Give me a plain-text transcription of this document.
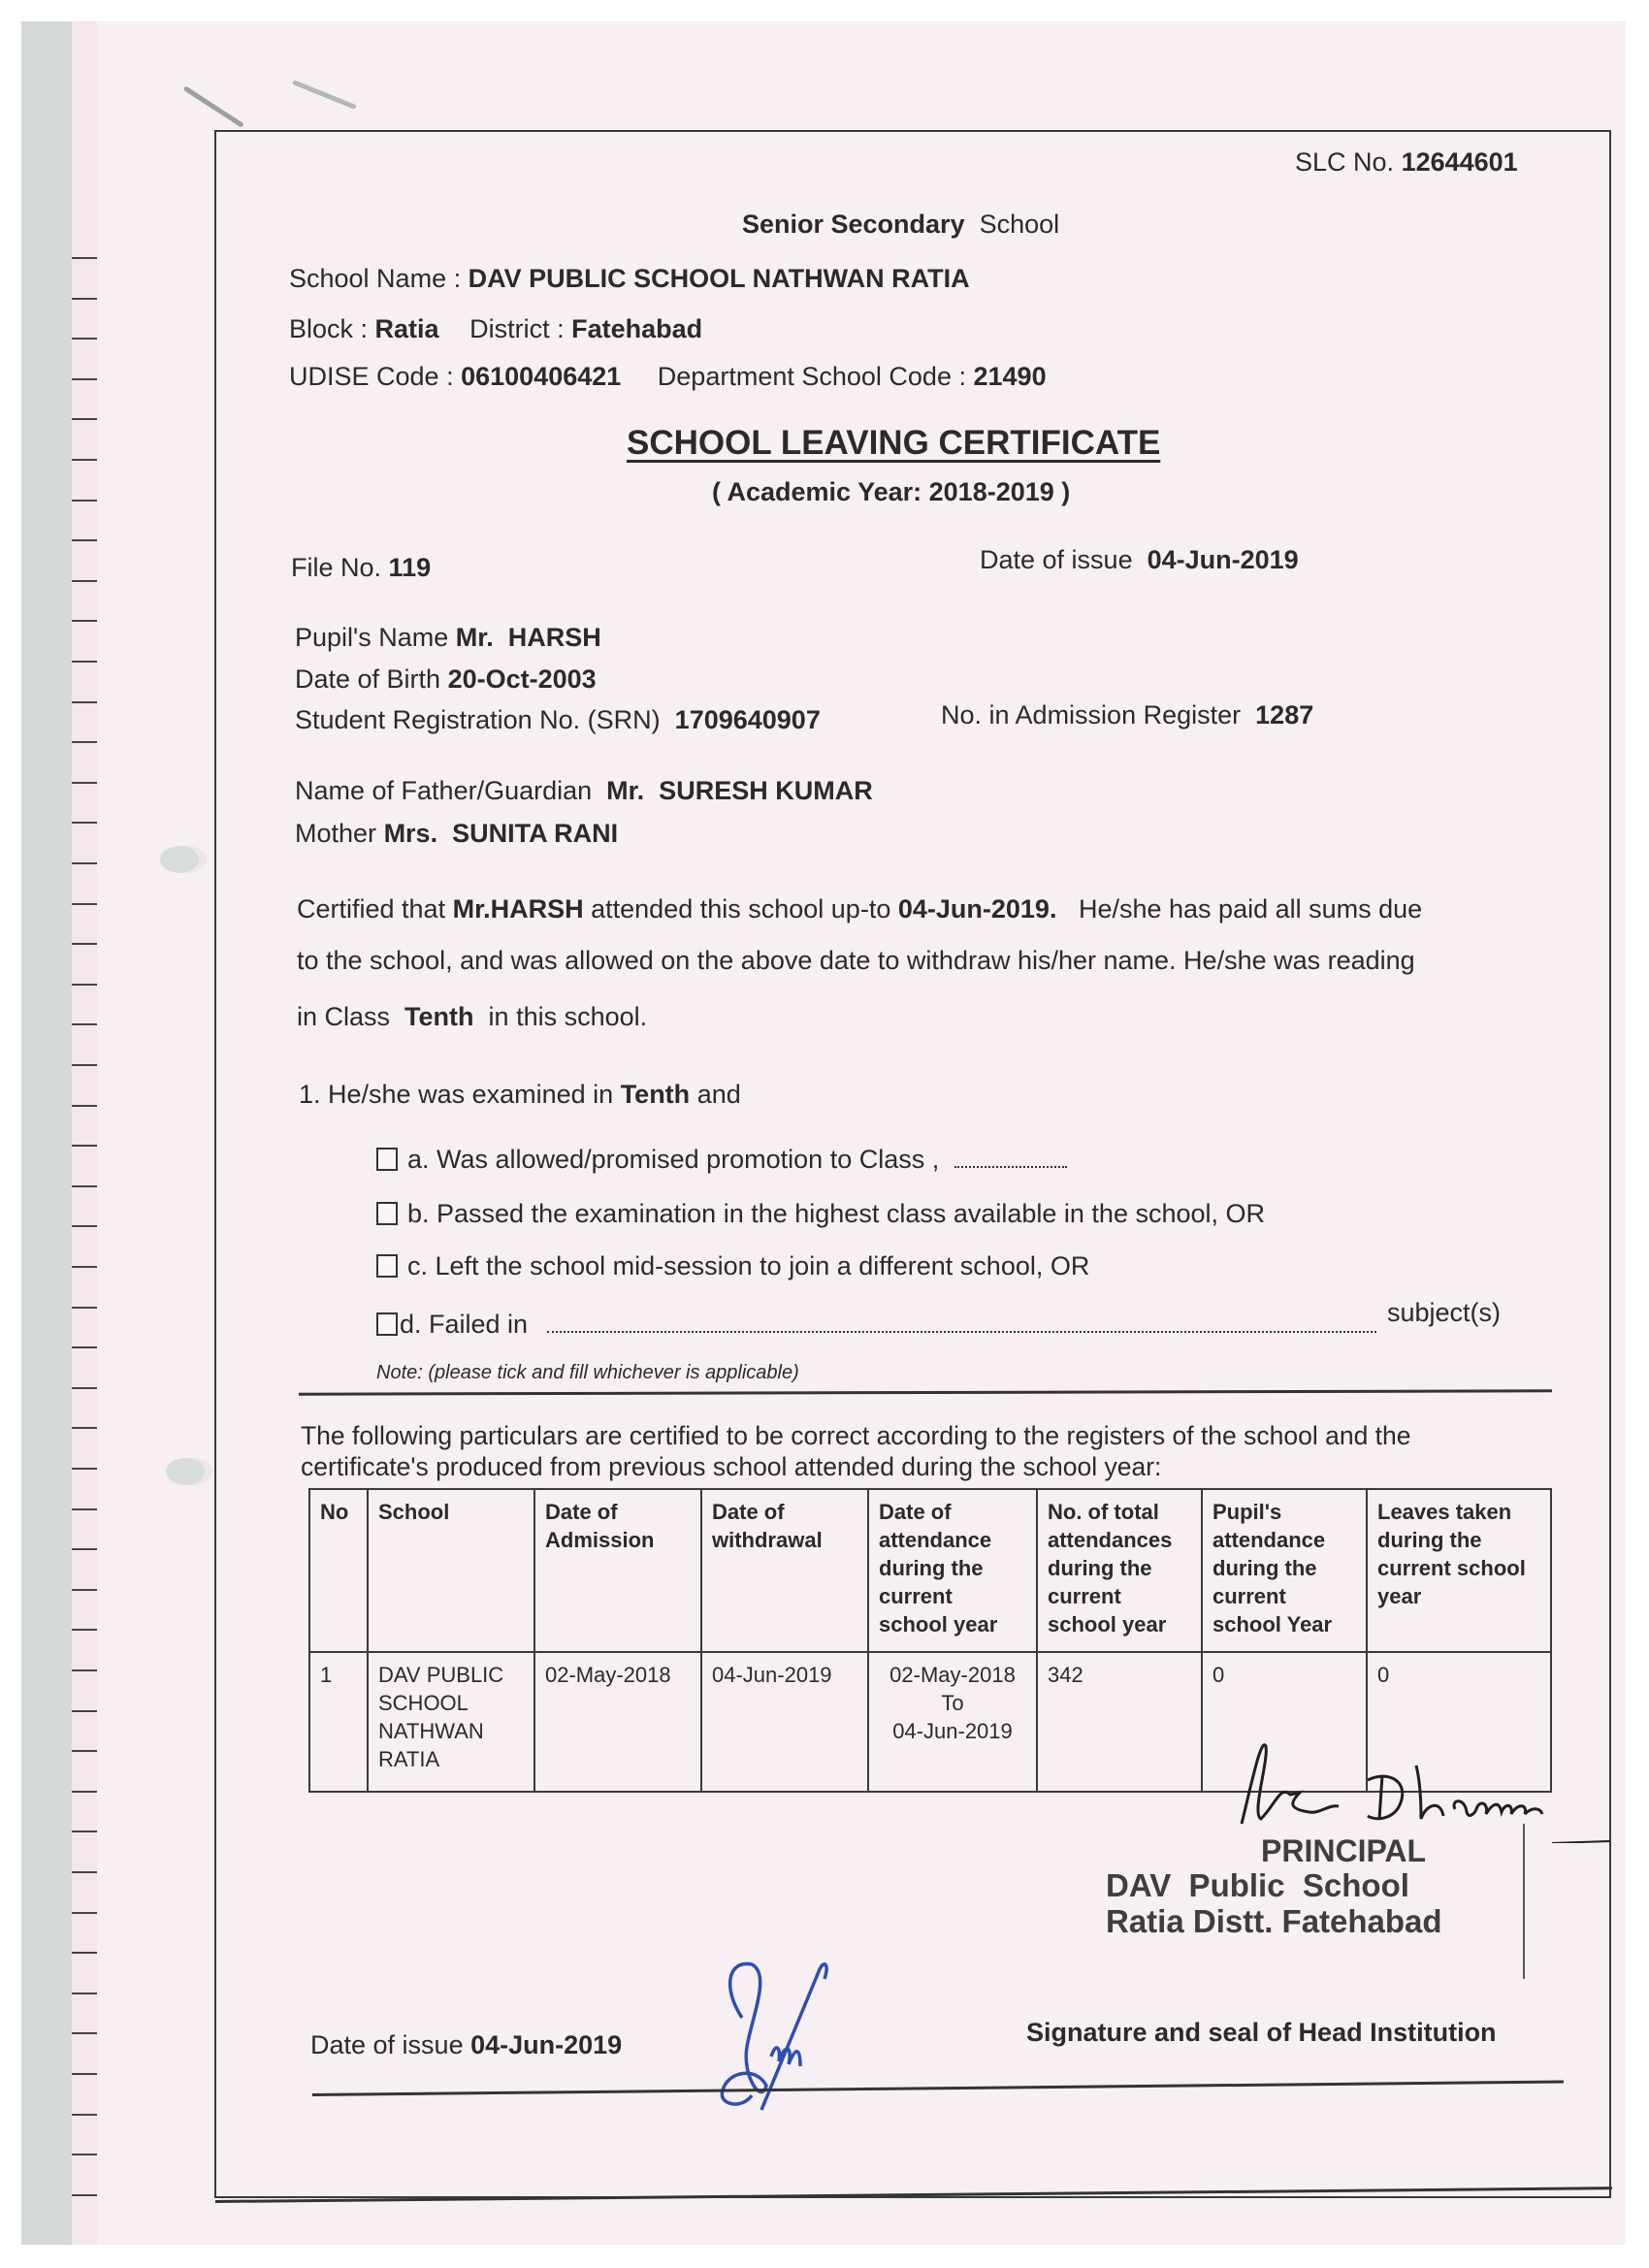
SLC No. 12644601
Senior Secondary School
School Name : DAV PUBLIC SCHOOL NATHWAN RATIA
Block : Ratia District : Fatehabad
UDISE Code : 06100406421 Department School Code : 21490
SCHOOL LEAVING CERTIFICATE
( Academic Year: 2018-2019 )
File No. 119	Date of issue 04-Jun-2019
Pupil's Name Mr.  HARSH
Date of Birth 20-Oct-2003
Student Registration No. (SRN) 1709640907	No. in Admission Register 1287
Name of Father/Guardian Mr.  SURESH KUMAR
Mother Mrs.  SUNITA RANI
Certified that Mr.HARSH attended this school up-to 04-Jun-2019. He/she has paid all sums due
to the school, and was allowed on the above date to withdraw his/her name. He/she was reading
in Class Tenth in this school.
1. He/she was examined in Tenth and
a. Was allowed/promised promotion to Class ,
b. Passed the examination in the highest class available in the school, OR
c. Left the school mid-session to join a different school, OR
d. Failed in	subject(s)
Note: (please tick and fill whichever is applicable)
The following particulars are certified to be correct according to the registers of the school and the
certificate's produced from previous school attended during the school year:
No	School	Date of Admission	Date of withdrawal	Date of attendance during the current school year	No. of total attendances during the current school year	Pupil's attendance during the current school Year	Leaves taken during the current school year
1	DAV PUBLIC SCHOOL NATHWAN RATIA	02-May-2018	04-Jun-2019	02-May-2018
To
04-Jun-2019	342	0	0
PRINCIPAL
DAV  Public  School
Ratia Distt. Fatehabad
Date of issue 04-Jun-2019	Signature and seal of Head Institution
